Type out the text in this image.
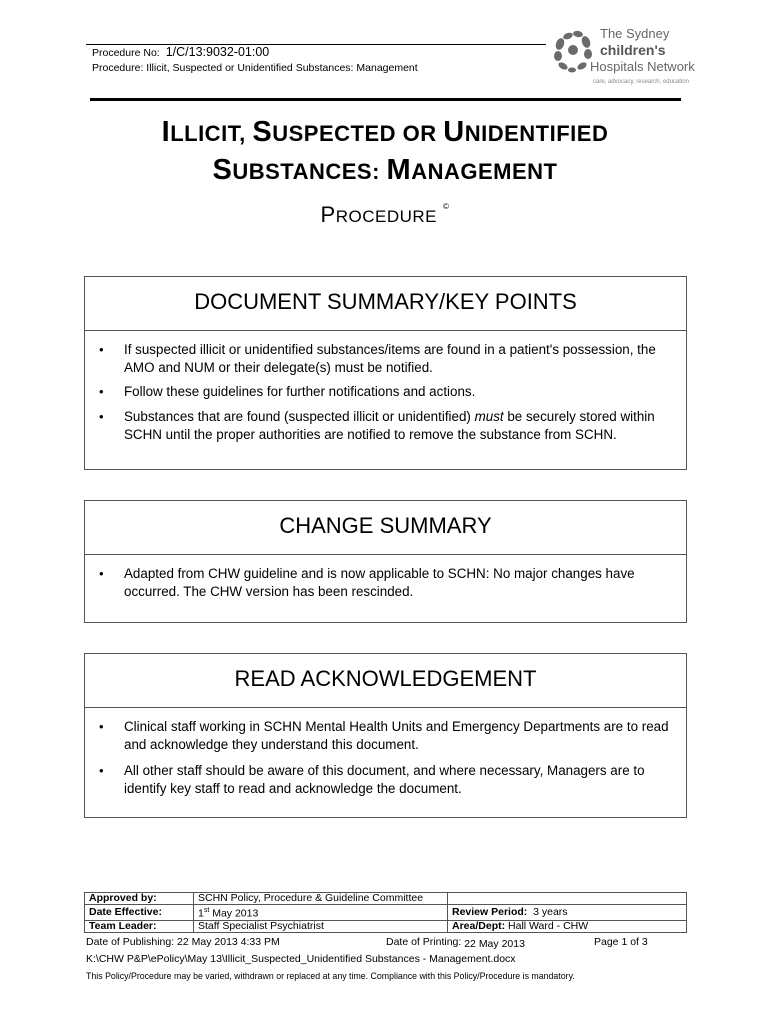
Procedure No: 1/C/13:9032-01:00
Procedure: Illicit, Suspected or Unidentified Substances: Management
The Sydney
children's
Hospitals Network
care, advocacy, research, education
ILLICIT, SUSPECTED OR UNIDENTIFIED
SUBSTANCES: MANAGEMENT
PROCEDURE©
DOCUMENT SUMMARY/KEY POINTS
• If suspected illicit or unidentified substances/items are found in a patient's possession, the AMO and NUM or their delegate(s) must be notified.
• Follow these guidelines for further notifications and actions.
• Substances that are found (suspected illicit or unidentified) must be securely stored within SCHN until the proper authorities are notified to remove the substance from SCHN.
CHANGE SUMMARY
• Adapted from CHW guideline and is now applicable to SCHN: No major changes have occurred. The CHW version has been rescinded.
READ ACKNOWLEDGEMENT
• Clinical staff working in SCHN Mental Health Units and Emergency Departments are to read and acknowledge they understand this document.
• All other staff should be aware of this document, and where necessary, Managers are to identify key staff to read and acknowledge the document.
Approved by:	SCHN Policy, Procedure & Guideline Committee	
Date Effective:	1st May 2013	Review Period: 3 years
Team Leader:	Staff Specialist Psychiatrist	Area/Dept: Hall Ward - CHW
Date of Publishing: 22 May 2013 4:33 PM	Date of Printing: 22 May 2013	Page 1 of 3
K:\CHW P&P\ePolicy\May 13\Illicit_Suspected_Unidentified Substances - Management.docx
This Policy/Procedure may be varied, withdrawn or replaced at any time. Compliance with this Policy/Procedure is mandatory.
